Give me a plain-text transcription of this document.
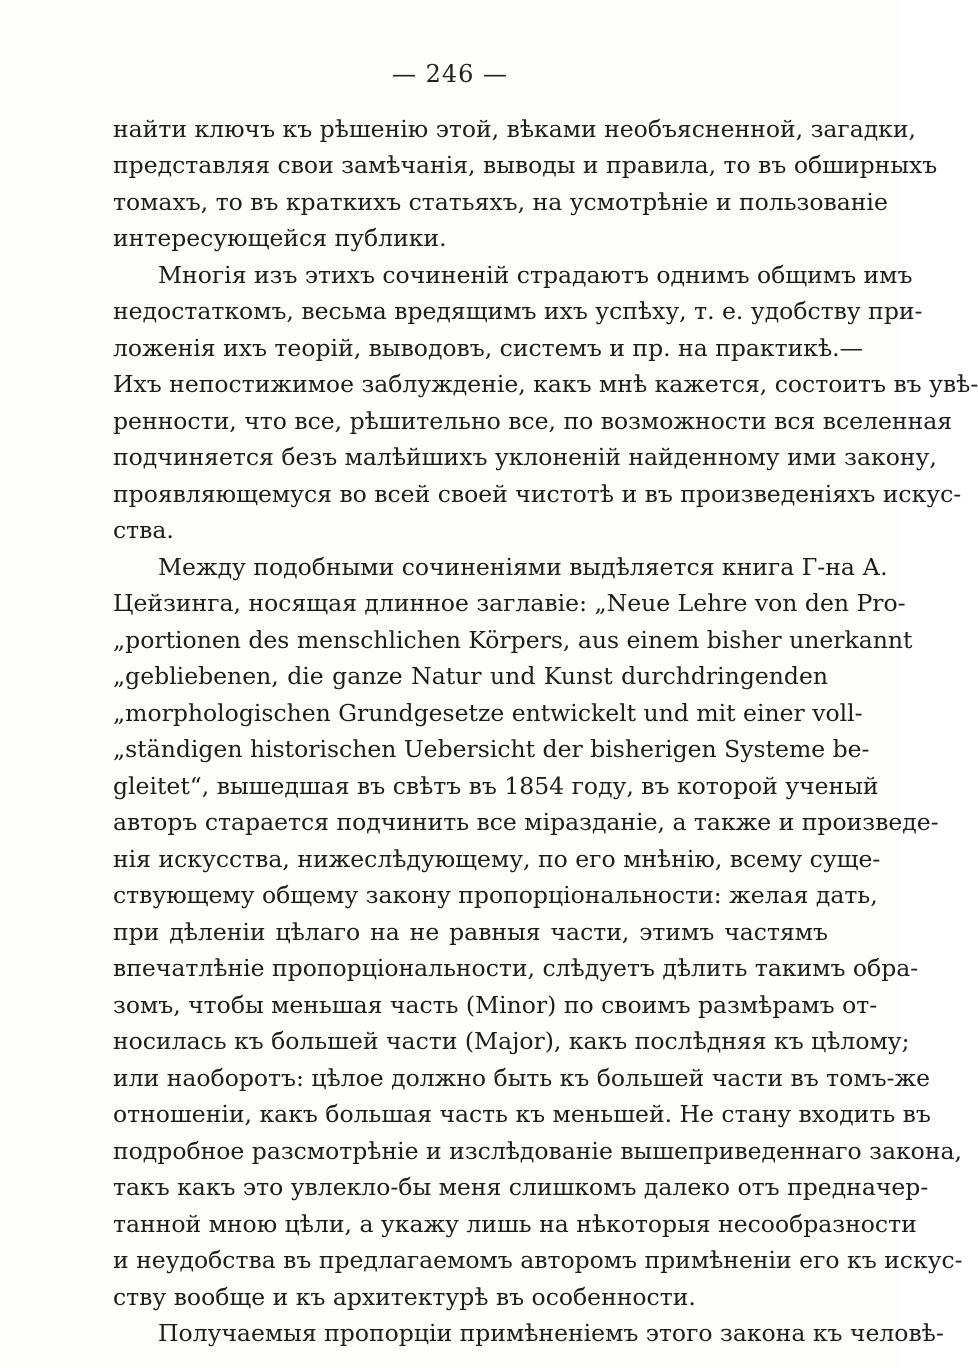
— 246 —
найти ключъ къ рѣшенію этой, вѣками необъясненной, загадки,
представляя свои замѣчанія, выводы и правила, то въ обширныхъ
томахъ, то въ краткихъ статьяхъ, на усмотрѣніе и пользованіе
интересующейся публики.
Многія изъ этихъ сочиненій страдаютъ однимъ общимъ имъ
недостаткомъ, весьма вредящимъ ихъ успѣху, т. е. удобству при-
ложенія ихъ теорій, выводовъ, системъ и пр. на практикѣ.—
Ихъ непостижимое заблужденіе, какъ мнѣ кажется, состоитъ въ увѣ-
ренности, что все, рѣшительно все, по возможности вся вселенная
подчиняется безъ малѣйшихъ уклоненій найденному ими закону,
проявляющемуся во всей своей чистотѣ и въ произведеніяхъ искус-
ства.
Между подобными сочиненіями выдѣляется книга Г-на А.
Цейзинга, носящая длинное заглавіе: „Neue Lehre von den Pro-
„portionen des menschlichen Körpers, aus einem bisher unerkannt
„gebliebenen, die ganze Natur und Kunst durchdringenden
„morphologischen Grundgesetze entwickelt und mit einer voll-
„ständigen historischen Uebersicht der bisherigen Systeme be-
gleitet“, вышедшая въ свѣтъ въ 1854 году, въ которой ученый
авторъ старается подчинить все міразданіе, а также и произведе-
нія искусства, нижеслѣдующему, по его мнѣнію, всему суще-
ствующему общему закону пропорціональности: желая дать,
при дѣленіи цѣлаго на не равныя части, этимъ частямъ
впечатлѣніе пропорціональности, слѣдуетъ дѣлить такимъ обра-
зомъ, чтобы меньшая часть (Minor) по своимъ размѣрамъ от-
носилась къ большей части (Major), какъ послѣдняя къ цѣлому;
или наоборотъ: цѣлое должно быть къ большей части въ томъ-же
отношеніи, какъ большая часть къ меньшей. Не стану входить въ
подробное разсмотрѣніе и изслѣдованіе вышеприведеннаго закона,
такъ какъ это увлекло-бы меня слишкомъ далеко отъ предначер-
танной мною цѣли, а укажу лишь на нѣкоторыя несообразности
и неудобства въ предлагаемомъ авторомъ примѣненіи его къ искус-
ству вообще и къ архитектурѣ въ особенности.
Получаемыя пропорціи примѣненіемъ этого закона къ человѣ-
